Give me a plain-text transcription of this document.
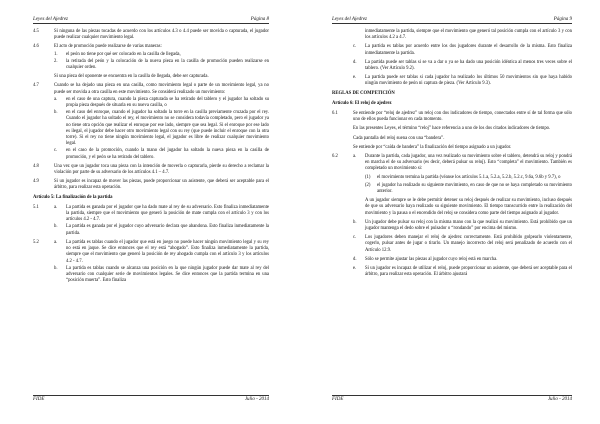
Leyes del Ajedrez	Página 8
4.5	Si ninguna de las piezas tocadas de acuerdo con los artículos 4.3 o 4.4 puede ser movida o capturada, el jugador puede realizar cualquier movimiento legal.
4.6	El acto de promoción puede realizarse de varias maneras:
1.	el peón no tiene por qué ser colocado en la casilla de llegada,
2.	la retirada del peón y la colocación de la nueva pieza en la casilla de promoción pueden realizarse en cualquier orden.
Si una pieza del oponente se encuentra en la casilla de llegada, debe ser capturada.
4.7	Cuando se ha dejado una pieza en una casilla, como movimiento legal o parte de un movimiento legal, ya no puede ser movida a otra casilla en este movimiento. Se considerá realizado un movimiento:
a.	en el caso de una captura, cuando la pieza capturada se ha retirado del tablero y el jugador ha soltado su propia pieza después de situarla en su nueva casilla, o
b.	en el caso del enroque, cuando el jugador ha soltado la torre en la casilla previamente cruzada por el rey. Cuando el jugador ha soltado el rey, el movimiento no se considera todavía completado, pero el jugador ya no tiene otra opción que realizar el enroque por ese lado, siempre que sea legal. Si el enroque por ese lado es ilegal, el jugador debe hacer otro movimiento legal con su rey (que puede incluir el enroque con la otra torre). Si el rey no tiene ningún movimiento legal, el jugador es libre de realizar cualquier movimiento legal.
c.	en el caso de la promoción, cuando la mano del jugador ha soltado la nueva pieza en la casilla de promoción, y el peón se ha retirado del tablero.
4.8	Una vez que un jugador toca una pieza con la intención de moverla o capturarla, pierde su derecho a reclamar la violación por parte de su adversario de los artículos 4.1 – 4.7.
4.9	Si un jugador es incapaz de mover las piezas, puede proporcionar un asistente, que deberá ser aceptable para el árbitro, para realizar esta operación.
Artículo 5: La finalización de la partida
5.1	a.	La partida es ganada por el jugador que ha dado mate al rey de su adversario. Esto finaliza inmediatamente la partida, siempre que el movimiento que generó la posición de mate cumpla con el artículo 3 y con los artículos 4.2 - 4.7.
b.	La partida es ganada por el jugador cuyo adversario declara que abandona. Esto finaliza inmediatamente la partida.
5.2	a.	La partida es tablas cuando el jugador que está en juego no puede hacer ningún movimiento legal y su rey no está en jaque. Se dice entonces que el rey está “ahogado”. Esto finaliza inmediatamente la partida, siempre que el movimiento que generó la posición de rey ahogado cumpla con el artículo 3 y los artículos 4.2 - 4.7.
b.	La partida es tablas cuando se alcanza una posición en la que ningún jugador puede dar mate al rey del adversario con cualquier serie de movimientos legales. Se dice entonces que la partida termina en una “posición muerta”. Esto finaliza
FIDE	Julio - 2014
Leyes del Ajedrez	Página 9
inmediatamente la partida, siempre que el movimiento que generó tal posición cumpla con el artículo 3 y con los artículos 4.2 a 4.7.
c.	La partida es tablas por acuerdo entre los dos jugadores durante el desarrollo de la misma. Esto finaliza inmediatamente la partida.
d.	La partida puede ser tablas si se va a dar o ya se ha dado una posición idéntica al menos tres veces sobre el tablero. (Ver Artículo 9.2).
e.	La partida puede ser tablas si cada jugador ha realizado los últimos 50 movimientos sin que haya habido ningún movimiento de peón ni captura de pieza. (Ver Artículo 9.3).
REGLAS DE COMPETICIÓN
Artículo 6: El reloj de ajedrez
6.1	Se entiende por “reloj de ajedrez” un reloj con dos indicadores de tiempo, conectados entre sí de tal forma que sólo uno de ellos pueda funcionar en cada momento.
En las presentes Leyes, el término “reloj” hace referencia a uno de los dos citados indicadores de tiempo.
Cada pantalla del reloj suena con una “bandera”.
Se entiende por “caída de bandera” la finalización del tiempo asignado a un jugador.
6.2	a.	Durante la partida, cada jugador, una vez realizado su movimiento sobre el tablero, detendrá su reloj y pondrá en marcha el de su adversario (es decir, deberá pulsar su reloj). Esto “completa” el movimiento. También es completado un movimiento si:
(1)	el movimiento termina la partida (véanse los artículos 5.1.a, 5.2.a, 5.2.b, 5.2.c, 9.6a, 9.6b y 9.7), o
(2)	el jugador ha realizado su siguiente movimiento, en caso de que no se haya completado su movimiento anterior.
A un jugador siempre se le debe permitir detener su reloj después de realizar su movimiento, incluso después de que su adversario haya realizado su siguiente movimiento. El tiempo transcurrido entre la realización del movimiento y la pausa o el encendido del reloj se considera como parte del tiempo asignado al jugador.
b.	Un jugador debe pulsar su reloj con la misma mano con la que realizó su movimiento. Está prohibido que un jugador mantenga el dedo sobre el pulsador o “rondando” por encima del mismo.
c.	Los jugadores deben manejar el reloj de ajedrez correctamente. Está prohibido golpearlo violentamente, cogerlo, pulsar antes de jugar o tirarlo. Un manejo incorrecto del reloj será penalizado de acuerdo con el Artículo 12.9.
d.	Sólo se permite ajustar las piezas al jugador cuyo reloj está en marcha.
e.	Si un jugador es incapaz de utilizar el reloj, puede proporcionar un asistente, que deberá ser aceptable para el árbitro, para realizar esta operación. El árbitro ajustará
FIDE	Julio - 2014
